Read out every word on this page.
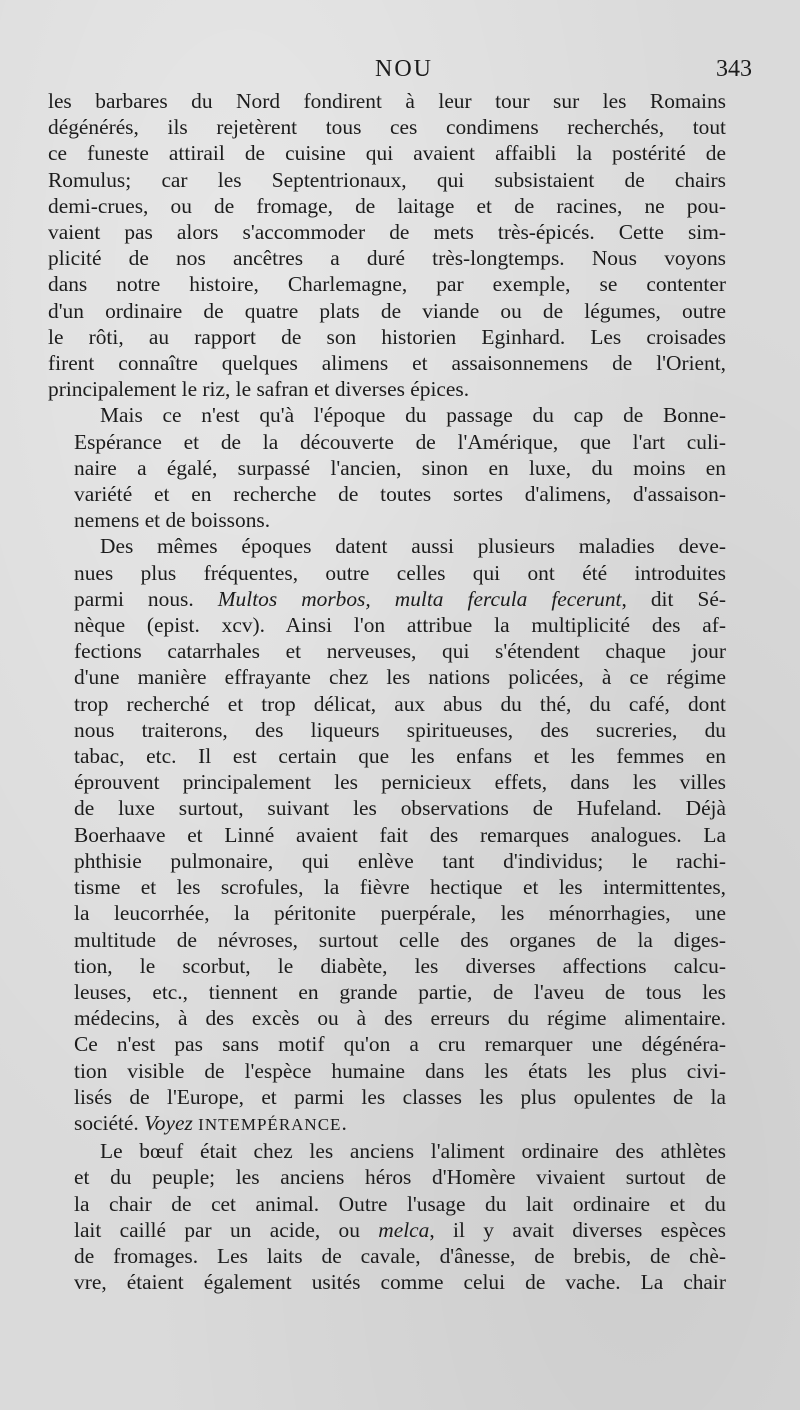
NOU	343
les barbares du Nord fondirent à leur tour sur les Romains
dégénérés, ils rejetèrent tous ces condimens recherchés, tout
ce funeste attirail de cuisine qui avaient affaibli la postérité de
Romulus; car les Septentrionaux, qui subsistaient de chairs
demi-crues, ou de fromage, de laitage et de racines, ne pou-
vaient pas alors s'accommoder de mets très-épicés. Cette sim-
plicité de nos ancêtres a duré très-longtemps. Nous voyons
dans notre histoire, Charlemagne, par exemple, se contenter
d'un ordinaire de quatre plats de viande ou de légumes, outre
le rôti, au rapport de son historien Eginhard. Les croisades
firent connaître quelques alimens et assaisonnemens de l'Orient,
principalement le riz, le safran et diverses épices.
Mais ce n'est qu'à l'époque du passage du cap de Bonne-
Espérance et de la découverte de l'Amérique, que l'art culi-
naire a égalé, surpassé l'ancien, sinon en luxe, du moins en
variété et en recherche de toutes sortes d'alimens, d'assaison-
nemens et de boissons.
Des mêmes époques datent aussi plusieurs maladies deve-
nues plus fréquentes, outre celles qui ont été introduites
parmi nous. Multos morbos, multa fercula fecerunt, dit Sé-
nèque (epist. xcv). Ainsi l'on attribue la multiplicité des af-
fections catarrhales et nerveuses, qui s'étendent chaque jour
d'une manière effrayante chez les nations policées, à ce régime
trop recherché et trop délicat, aux abus du thé, du café, dont
nous traiterons, des liqueurs spiritueuses, des sucreries, du
tabac, etc. Il est certain que les enfans et les femmes en
éprouvent principalement les pernicieux effets, dans les villes
de luxe surtout, suivant les observations de Hufeland. Déjà
Boerhaave et Linné avaient fait des remarques analogues. La
phthisie pulmonaire, qui enlève tant d'individus; le rachi-
tisme et les scrofules, la fièvre hectique et les intermittentes,
la leucorrhée, la péritonite puerpérale, les ménorrhagies, une
multitude de névroses, surtout celle des organes de la diges-
tion, le scorbut, le diabète, les diverses affections calcu-
leuses, etc., tiennent en grande partie, de l'aveu de tous les
médecins, à des excès ou à des erreurs du régime alimentaire.
Ce n'est pas sans motif qu'on a cru remarquer une dégénéra-
tion visible de l'espèce humaine dans les états les plus civi-
lisés de l'Europe, et parmi les classes les plus opulentes de la
société. Voyez INTEMPÉRANCE.
Le bœuf était chez les anciens l'aliment ordinaire des athlètes
et du peuple; les anciens héros d'Homère vivaient surtout de
la chair de cet animal. Outre l'usage du lait ordinaire et du
lait caillé par un acide, ou melca, il y avait diverses espèces
de fromages. Les laits de cavale, d'ânesse, de brebis, de chè-
vre, étaient également usités comme celui de vache. La chair
